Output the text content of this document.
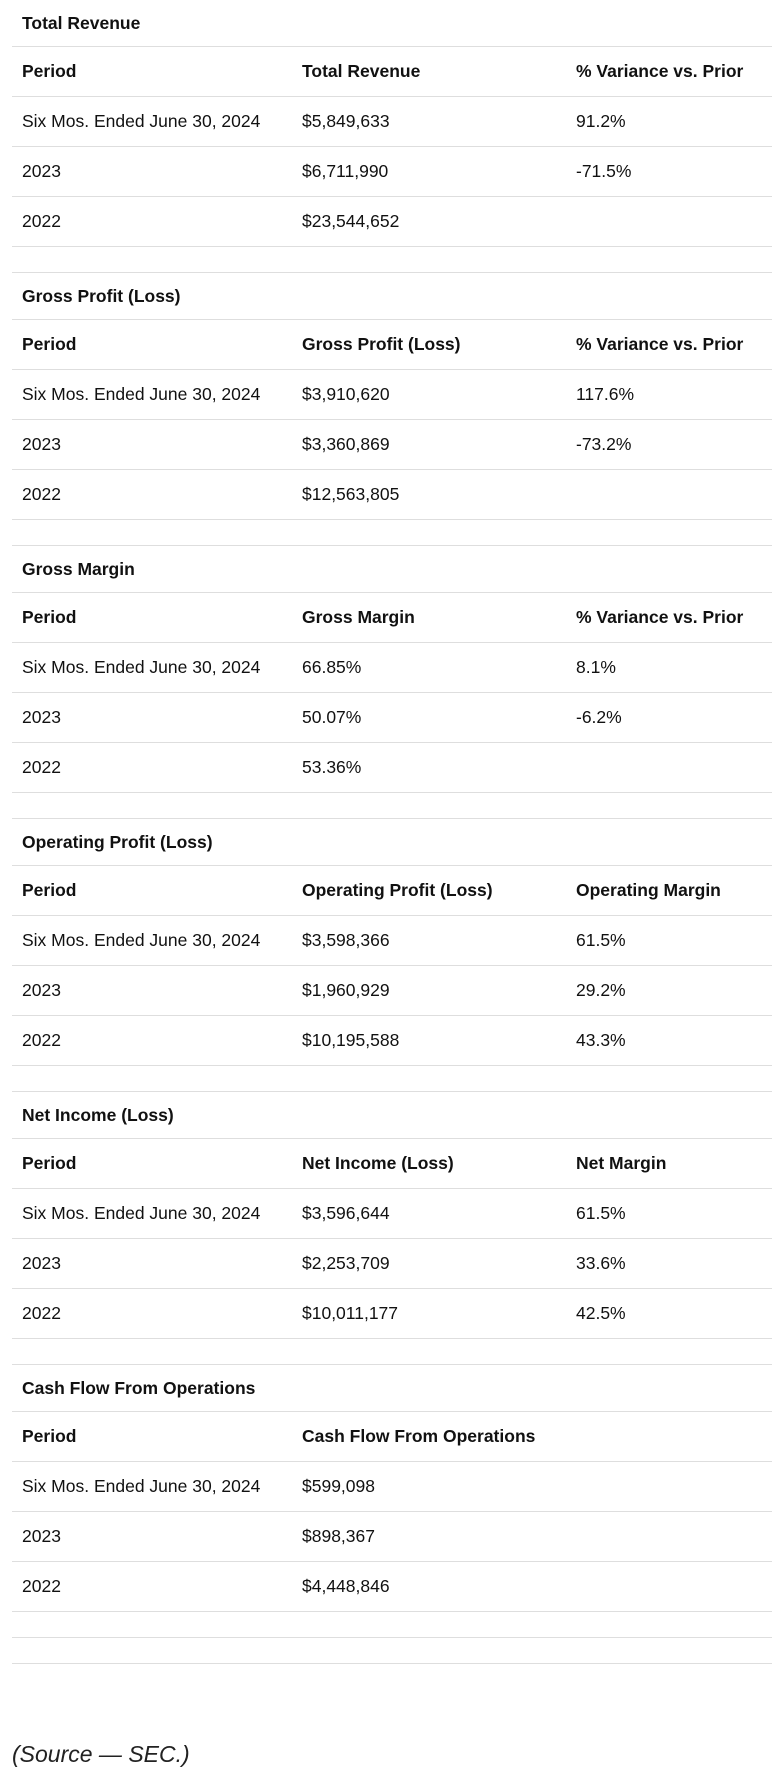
Total Revenue
Period	Total Revenue	% Variance vs. Prior
Six Mos. Ended June 30, 2024	$5,849,633	91.2%
2023	$6,711,990	-71.5%
2022	$23,544,652
Gross Profit (Loss)
Period	Gross Profit (Loss)	% Variance vs. Prior
Six Mos. Ended June 30, 2024	$3,910,620	117.6%
2023	$3,360,869	-73.2%
2022	$12,563,805
Gross Margin
Period	Gross Margin	% Variance vs. Prior
Six Mos. Ended June 30, 2024	66.85%	8.1%
2023	50.07%	-6.2%
2022	53.36%
Operating Profit (Loss)
Period	Operating Profit (Loss)	Operating Margin
Six Mos. Ended June 30, 2024	$3,598,366	61.5%
2023	$1,960,929	29.2%
2022	$10,195,588	43.3%
Net Income (Loss)
Period	Net Income (Loss)	Net Margin
Six Mos. Ended June 30, 2024	$3,596,644	61.5%
2023	$2,253,709	33.6%
2022	$10,011,177	42.5%
Cash Flow From Operations
Period	Cash Flow From Operations
Six Mos. Ended June 30, 2024	$599,098
2023	$898,367
2022	$4,448,846
(Source — SEC.)
